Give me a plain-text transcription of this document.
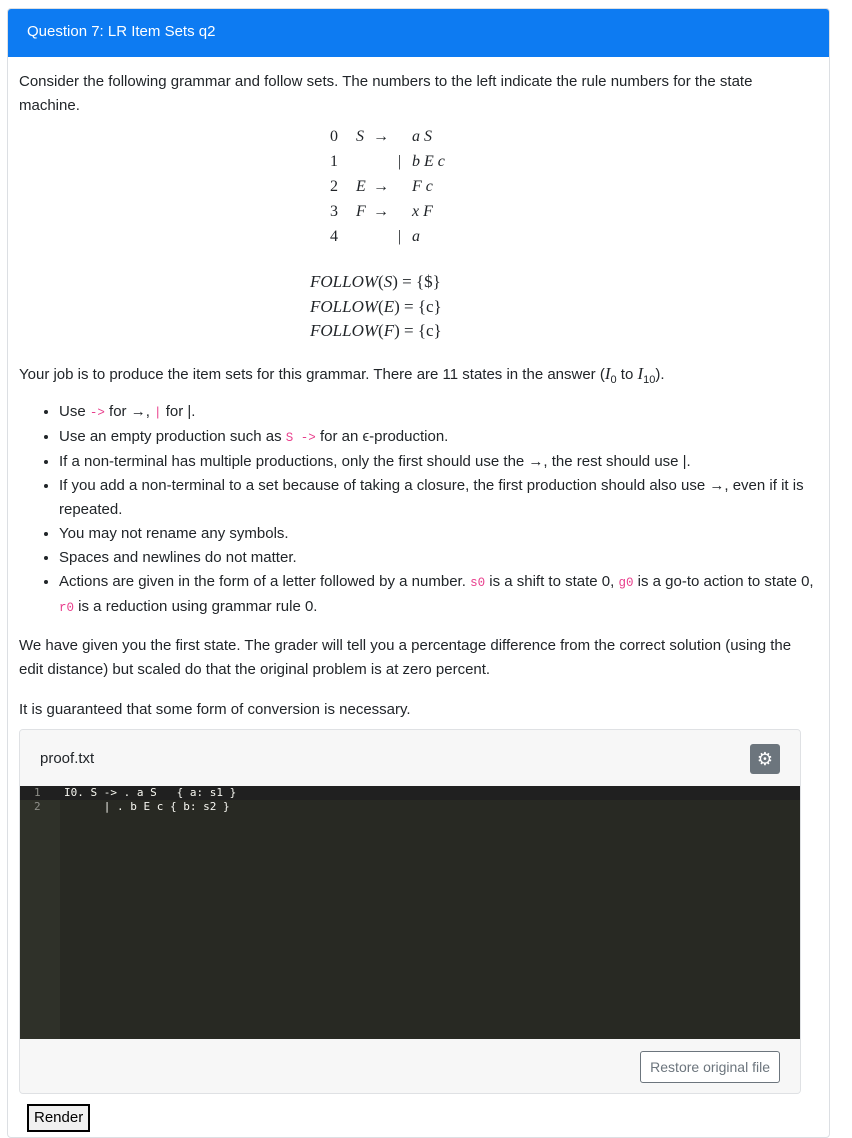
Question 7: LR Item Sets q2

Consider the following grammar and follow sets. The numbers to the left indicate the rule numbers for the state machine.

0 S → a S
1	| b E c
2 E → F c
3 F → x F
4	| a
FOLLOW(S) = {$}
FOLLOW(E) = {c}
FOLLOW(F) = {c}

Your job is to produce the item sets for this grammar. There are 11 states in the answer ($I_0$ to $I_{10}$).

• Use -> for →, | for |.
• Use an empty production such as S -> for an ϵ-production.
• If a non-terminal has multiple productions, only the first should use the →, the rest should use |.
• If you add a non-terminal to a set because of taking a closure, the first production should also use →, even if it is repeated.
• You may not rename any symbols.
• Spaces and newlines do not matter.
• Actions are given in the form of a letter followed by a number. s0 is a shift to state 0, g0 is a go-to action to state 0, r0 is a reduction using grammar rule 0.

We have given you the first state. The grader will tell you a percentage difference from the correct solution (using the edit distance) but scaled do that the original problem is at zero percent.

It is guaranteed that some form of conversion is necessary.

proof.txt	⚙
1 I0. S -> . a S   { a: s1 }
2 | . b E c { b: s2 }
Restore original file
Render
